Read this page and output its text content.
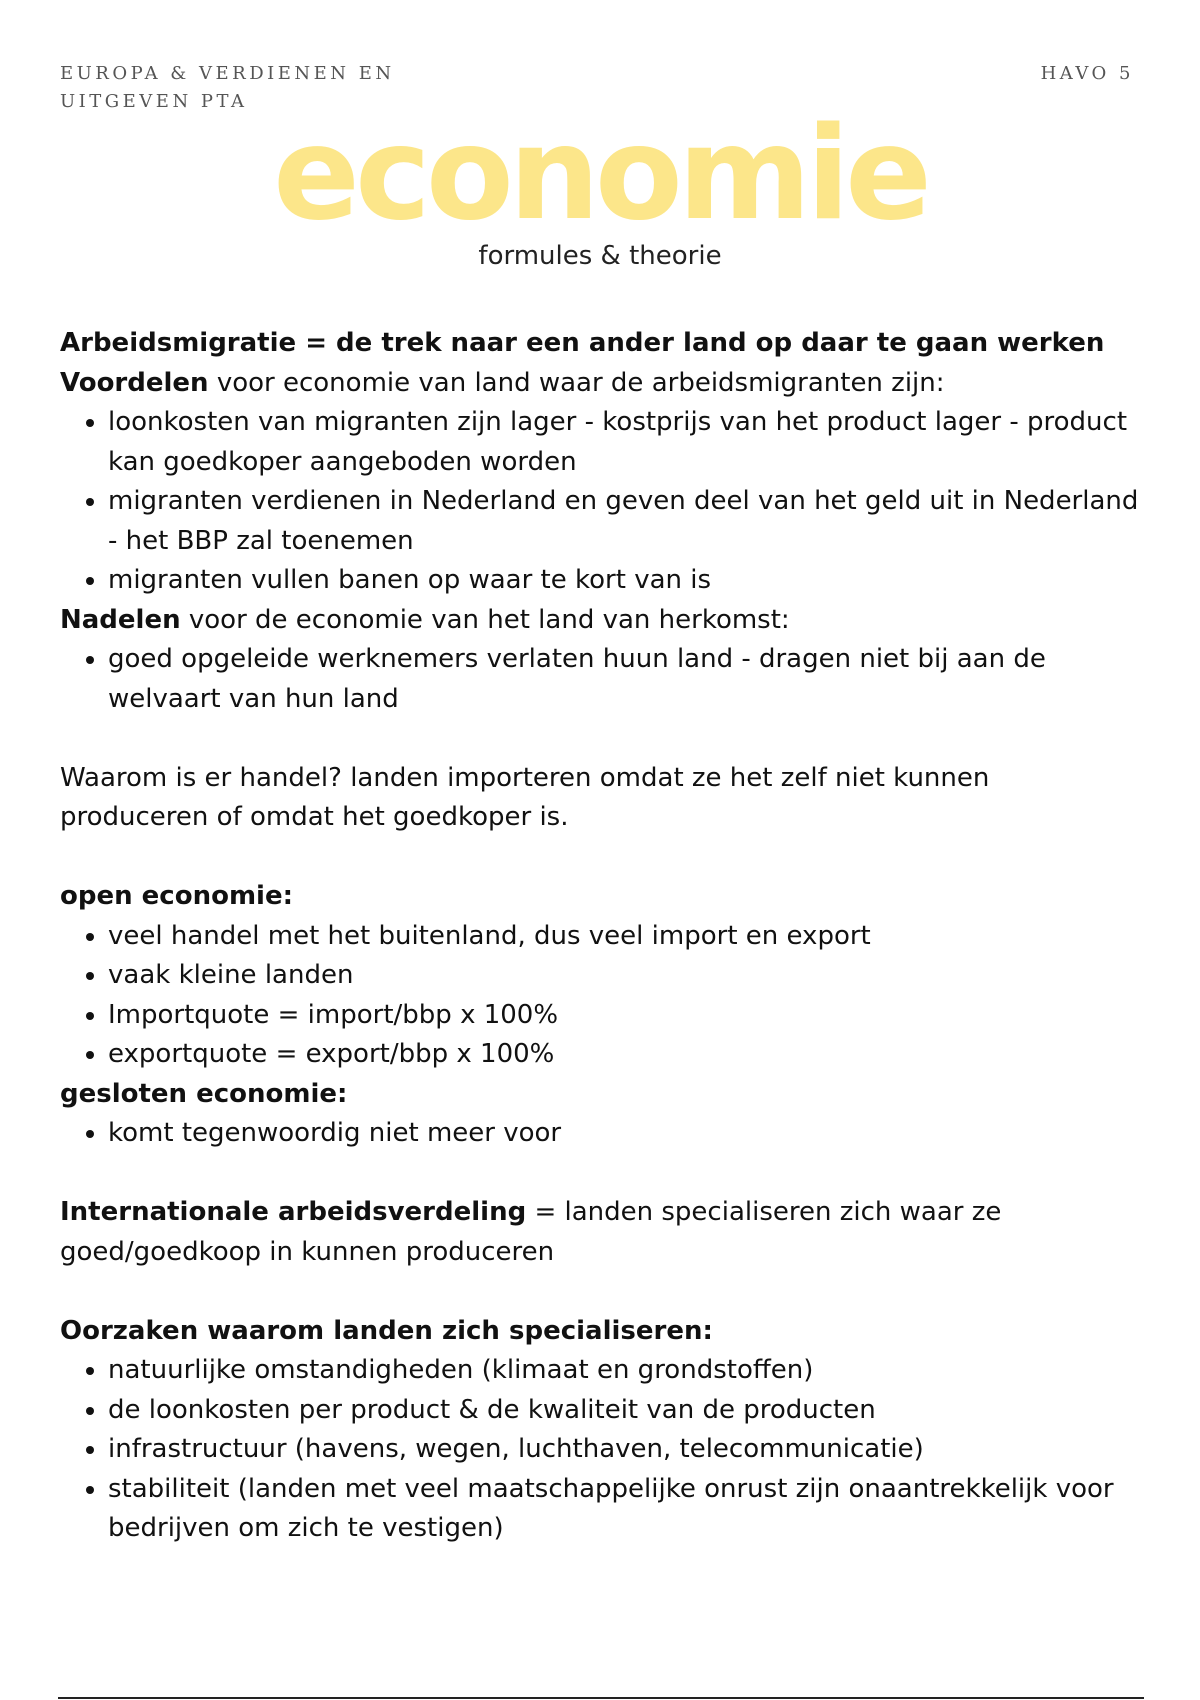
EUROPA & VERDIENEN EN UITGEVEN PTA
HAVO 5
economie
formules & theorie

Arbeidsmigratie = de trek naar een ander land op daar te gaan werken

Voordelen voor economie van land waar de arbeidsmigranten zijn:

• loonkosten van migranten zijn lager - kostprijs van het product lager - product kan goedkoper aangeboden worden
• migranten verdienen in Nederland en geven deel van het geld uit in Nederland - het BBP zal toenemen
• migranten vullen banen op waar te kort van is

Nadelen voor de economie van het land van herkomst:

• goed opgeleide werknemers verlaten huun land - dragen niet bij aan de welvaart van hun land

Waarom is er handel? landen importeren omdat ze het zelf niet kunnen produceren of omdat het goedkoper is.

open economie:

• veel handel met het buitenland, dus veel import en export
• vaak kleine landen
• Importquote = import/bbp x 100%
• exportquote = export/bbp x 100%

gesloten economie:

• komt tegenwoordig niet meer voor

Internationale arbeidsverdeling = landen specialiseren zich waar ze goed/goedkoop in kunnen produceren

Oorzaken waarom landen zich specialiseren:

• natuurlijke omstandigheden (klimaat en grondstoffen)
• de loonkosten per product & de kwaliteit van de producten
• infrastructuur (havens, wegen, luchthaven, telecommunicatie)
• stabiliteit (landen met veel maatschappelijke onrust zijn onaantrekkelijk voor bedrijven om zich te vestigen)
